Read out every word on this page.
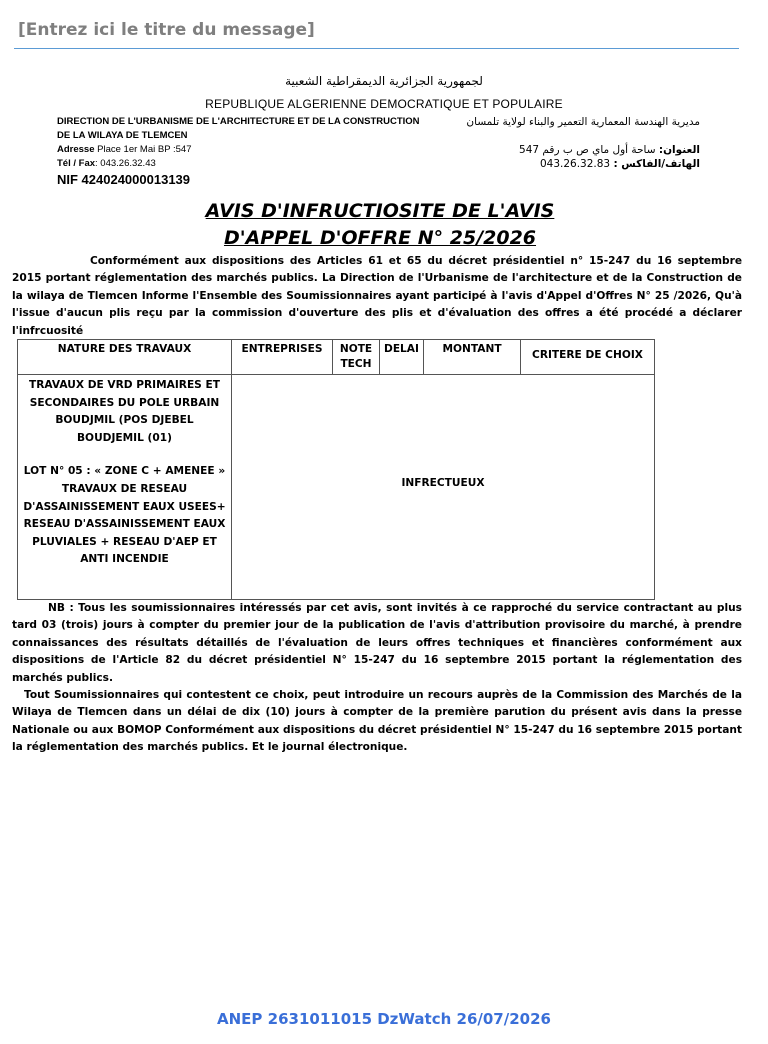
[Entrez ici le titre du message]
لجمهورية الجزائرية الديمقراطية الشعبية
REPUBLIQUE ALGERIENNE DEMOCRATIQUE ET POPULAIRE
DIRECTION DE L'URBANISME DE L'ARCHITECTURE ET DE LA CONSTRUCTION
DE LA WILAYA DE TLEMCEN
Adresse Place 1er Mai BP :547
Tél / Fax: 043.26.32.43
NIF 424024000013139
مديرية الهندسة المعمارية التعمير والبناء لولاية تلمسان
العنوان: ساحة أول ماي ص ب رقم 547
الهاتف/الفاكس : 043.26.32.83
AVIS D'INFRUCTIOSITE DE L'AVIS
D'APPEL D'OFFRE N° 25/2026
Conformément aux dispositions des Articles 61 et 65 du décret présidentiel n° 15-247 du 16 septembre 2015 portant réglementation des marchés publics. La Direction de l'Urbanisme de l'architecture et de la Construction de la wilaya de Tlemcen Informe l'Ensemble des Soumissionnaires ayant participé à l'avis d'Appel d'Offres N° 25 /2026, Qu'à l'issue d'aucun plis reçu par la commission d'ouverture des plis et d'évaluation des offres a été procédé a déclarer l'infrcuosité
NATURE DES TRAVAUX	ENTREPRISES	NOTE TECH	DELAI	MONTANT	CRITERE DE CHOIX

TRAVAUX DE VRD PRIMAIRES ET SECONDAIRES DU POLE URBAIN BOUDJMIL (POS DJEBEL BOUDJEMIL (01)
LOT N° 05 : « ZONE C + AMENEE » TRAVAUX DE RESEAU D'ASSAINISSEMENT EAUX USEES+ RESEAU D'ASSAINISSEMENT EAUX PLUVIALES + RESEAU D'AEP ET ANTI INCENDIE	INFRECTUEUX				
NB : Tous les soumissionnaires intéressés par cet avis, sont invités à ce rapproché du service contractant au plus tard 03 (trois) jours à compter du premier jour de la publication de l'avis d'attribution provisoire du marché, à prendre connaissances des résultats détaillés de l'évaluation de leurs offres techniques et financières conformément aux dispositions de l'Article 82 du décret présidentiel N° 15-247 du 16 septembre 2015 portant la réglementation des marchés publics.
Tout Soumissionnaires qui contestent ce choix, peut introduire un recours auprès de la Commission des Marchés de la Wilaya de Tlemcen dans un délai de dix (10) jours à compter de la première parution du présent avis dans la presse Nationale ou aux BOMOP Conformément aux dispositions du décret présidentiel N° 15-247 du 16 septembre 2015 portant la réglementation des marchés publics. Et le journal électronique.
ANEP 2631011015 DzWatch 26/07/2026
